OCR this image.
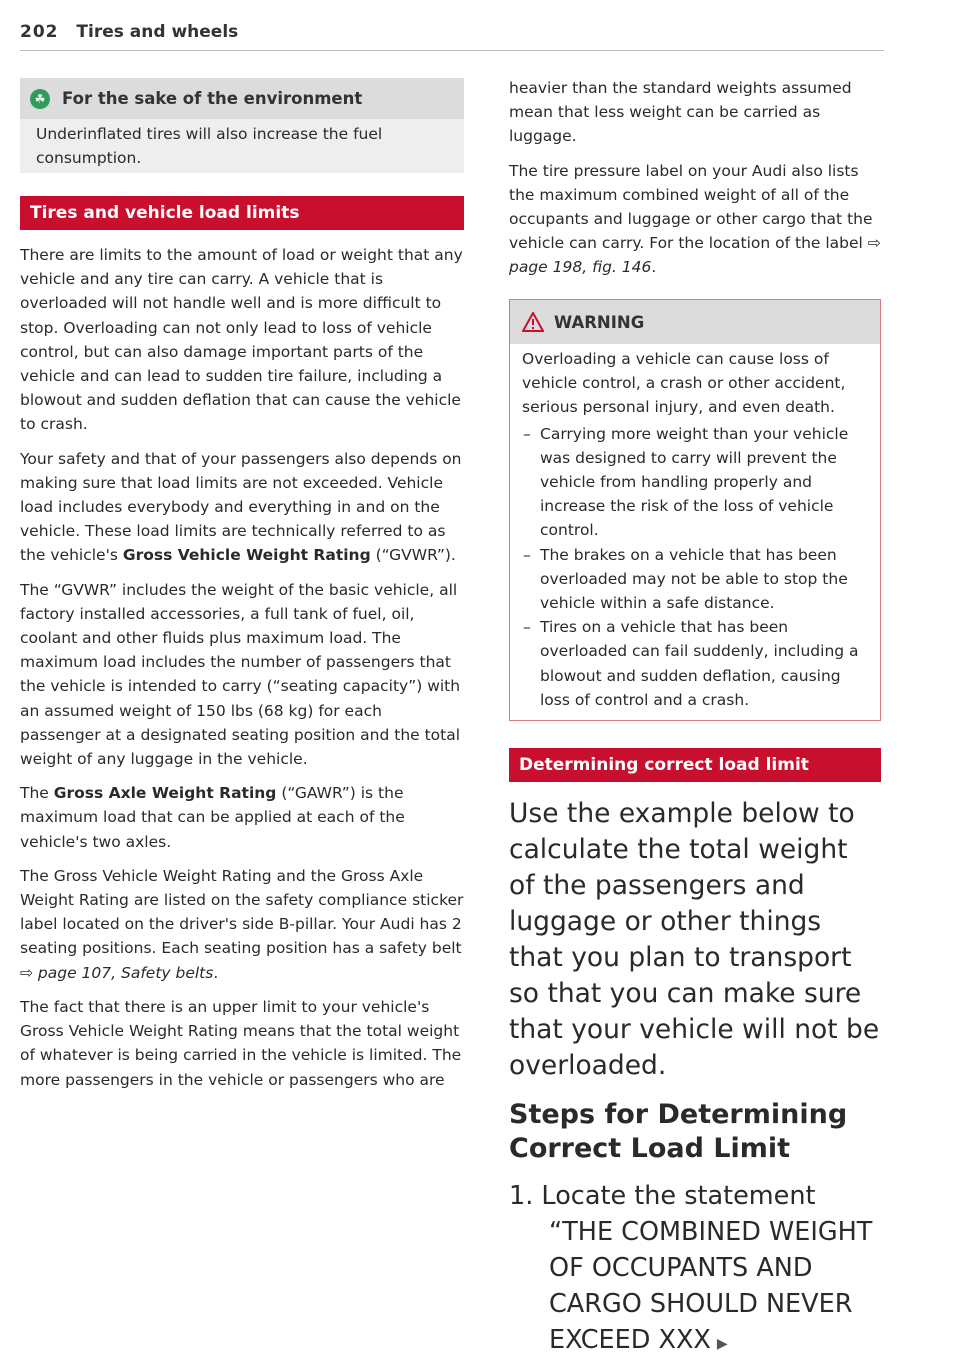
202 Tires and wheels
☘ For the sake of the environment

Underinflated tires will also increase the fuel consumption.

Tires and vehicle load limits

There are limits to the amount of load or weight that any vehicle and any tire can carry. A vehicle that is overloaded will not handle well and is more difficult to stop. Overloading can not only lead to loss of vehicle control, but can also damage important parts of the vehicle and can lead to sudden tire failure, including a blowout and sudden deflation that can cause the vehicle to crash.

Your safety and that of your passengers also depends on making sure that load limits are not exceeded. Vehicle load includes everybody and everything in and on the vehicle. These load limits are technically referred to as the vehicle's Gross Vehicle Weight Rating (“GVWR”).

The “GVWR” includes the weight of the basic vehicle, all factory installed accessories, a full tank of fuel, oil, coolant and other fluids plus maximum load. The maximum load includes the number of passengers that the vehicle is intended to carry (“seating capacity”) with an assumed weight of 150 lbs (68 kg) for each passenger at a designated seating position and the total weight of any luggage in the vehicle.

The Gross Axle Weight Rating (“GAWR”) is the maximum load that can be applied at each of the vehicle's two axles.

The Gross Vehicle Weight Rating and the Gross Axle Weight Rating are listed on the safety compliance sticker label located on the driver's side B-pillar. Your Audi has 2 seating positions. Each seating position has a safety belt ⇨ page 107, Safety belts.

The fact that there is an upper limit to your vehicle's Gross Vehicle Weight Rating means that the total weight of whatever is being carried in the vehicle is limited. The more passengers in the vehicle or passengers who are

heavier than the standard weights assumed mean that less weight can be carried as luggage.

The tire pressure label on your Audi also lists the maximum combined weight of all of the occupants and luggage or other cargo that the vehicle can carry. For the location of the label ⇨ page 198, fig. 146.

WARNING

Overloading a vehicle can cause loss of vehicle control, a crash or other accident, serious personal injury, and even death.

– Carrying more weight than your vehicle was designed to carry will prevent the vehicle from handling properly and increase the risk of the loss of vehicle control.
– The brakes on a vehicle that has been overloaded may not be able to stop the vehicle within a safe distance.
– Tires on a vehicle that has been overloaded can fail suddenly, including a blowout and sudden deflation, causing loss of control and a crash.
Determining correct load limit

Use the example below to calculate the total weight of the passengers and luggage or other things that you plan to transport so that you can make sure that your vehicle will not be overloaded.

Steps for Determining Correct Load Limit

1. Locate the statement “THE COMBINED WEIGHT OF OCCUPANTS AND CARGO SHOULD NEVER EXCEED XXX ▶
